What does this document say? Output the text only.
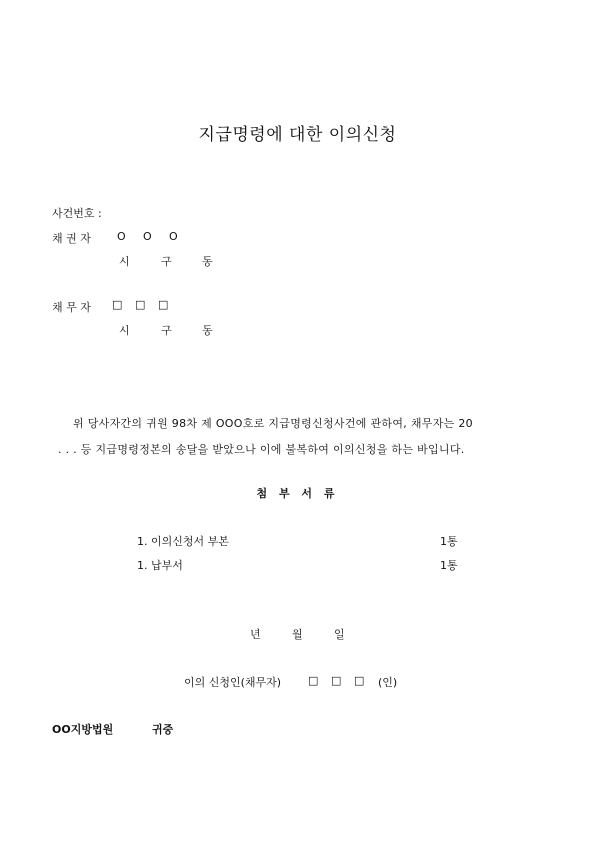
지급명령에 대한 이의신청
사건번호 :
채 권 자 O O O
시	구	동
채 무 자 □ □ □
시	구	동
위 당사자간의 귀원 98차 제 OOO호로 지급명령신청사건에 관하여, 채무자는 20
. . . 등 지급명령정본의 송달을 받았으나 이에 불복하여 이의신청을 하는 바입니다.
첨 부 서 류
1. 이의신청서 부본	1통
1. 납부서	1통
년	월	일
이의 신청인(채무자) □ □ □ (인)
OO지방법원	귀중
